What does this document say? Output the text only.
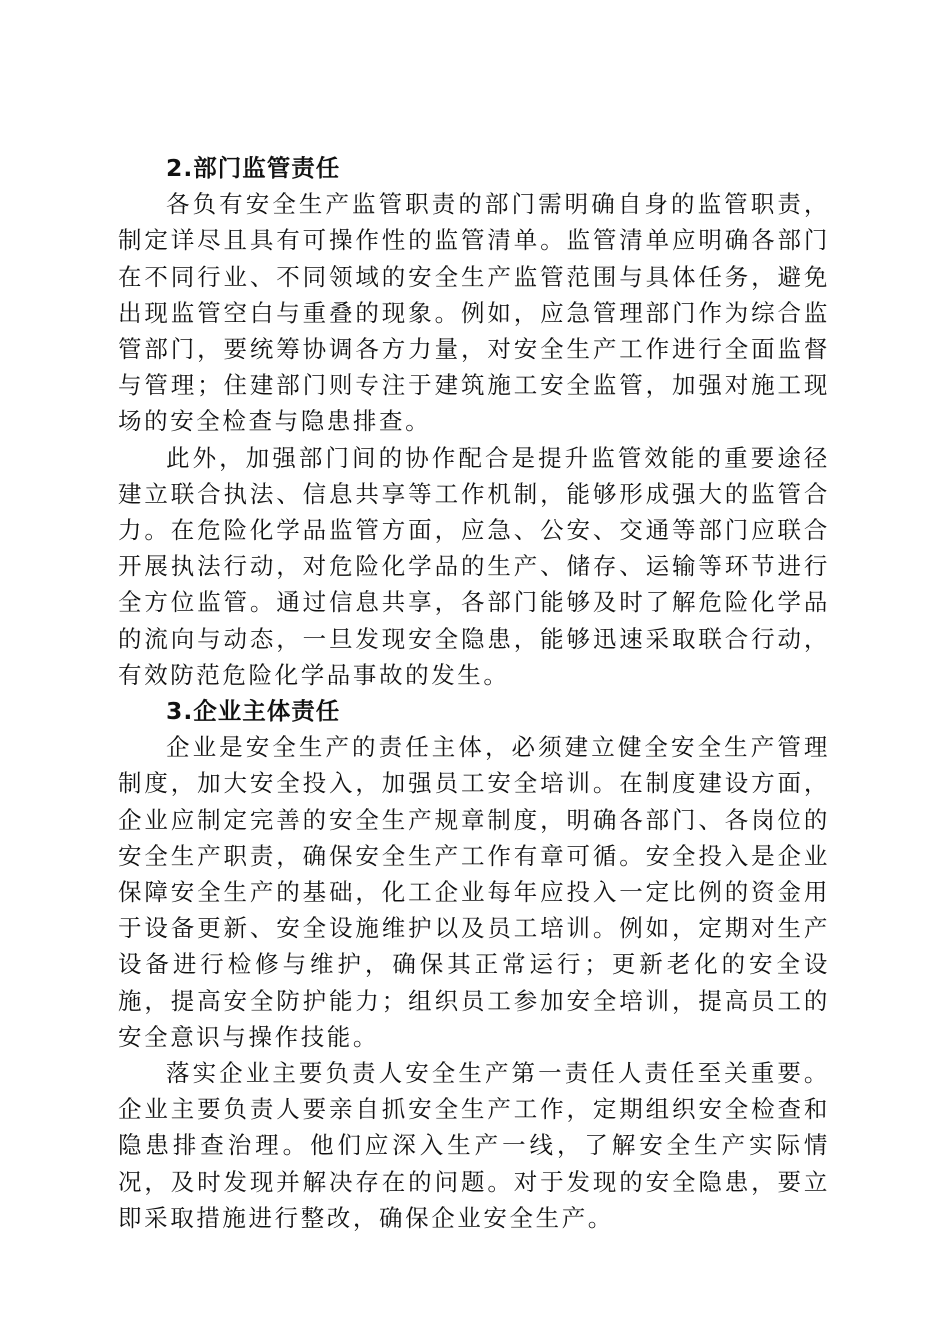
2.部门监管责任

各负有安全生产监管职责的部门需明确自身的监管职责，制定详尽且具有可操作性的监管清单。监管清单应明确各部门在不同行业、不同领域的安全生产监管范围与具体任务，避免出现监管空白与重叠的现象。例如，应急管理部门作为综合监管部门，要统筹协调各方力量，对安全生产工作进行全面监督与管理；住建部门则专注于建筑施工安全监管，加强对施工现场的安全检查与隐患排查。

此外，加强部门间的协作配合是提升监管效能的重要途径建立联合执法、信息共享等工作机制，能够形成强大的监管合力。在危险化学品监管方面，应急、公安、交通等部门应联合开展执法行动，对危险化学品的生产、储存、运输等环节进行全方位监管。通过信息共享，各部门能够及时了解危险化学品的流向与动态，一旦发现安全隐患，能够迅速采取联合行动，有效防范危险化学品事故的发生。

3.企业主体责任

企业是安全生产的责任主体，必须建立健全安全生产管理制度，加大安全投入，加强员工安全培训。在制度建设方面，企业应制定完善的安全生产规章制度，明确各部门、各岗位的安全生产职责，确保安全生产工作有章可循。安全投入是企业保障安全生产的基础，化工企业每年应投入一定比例的资金用于设备更新、安全设施维护以及员工培训。例如，定期对生产设备进行检修与维护，确保其正常运行；更新老化的安全设施，提高安全防护能力；组织员工参加安全培训，提高员工的安全意识与操作技能。

落实企业主要负责人安全生产第一责任人责任至关重要。企业主要负责人要亲自抓安全生产工作，定期组织安全检查和隐患排查治理。他们应深入生产一线，了解安全生产实际情况，及时发现并解决存在的问题。对于发现的安全隐患，要立即采取措施进行整改，确保企业安全生产。
